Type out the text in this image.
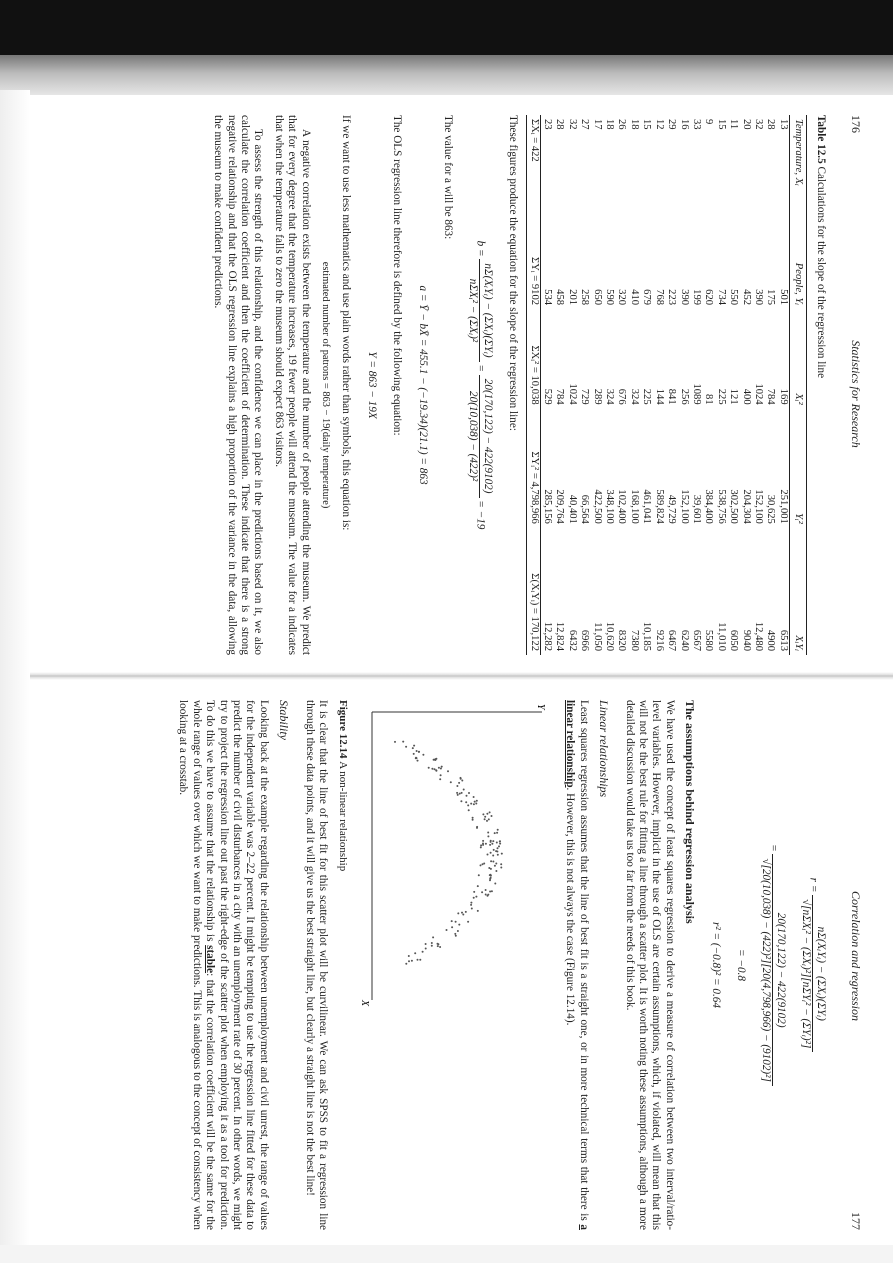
176
Statistics for Research
Table 12.5 Calculations for the slope of the regression line
Temperature, Xᵢ	People, Yᵢ	Xᵢ²	Yᵢ²	XᵢYᵢ
13	501	169	251,001	6513
28	175	784	30,625	4900
32	390	1024	152,100	12,480
20	452	400	204,304	9040
11	550	121	302,500	6050
15	734	225	538,756	11,010
9	620	81	384,400	5580
33	199	1089	39,601	6567
16	390	256	152,100	6240
29	223	841	49,729	6467
12	768	144	589,824	9216
15	679	225	461,041	10,185
18	410	324	168,100	7380
26	320	676	102,400	8320
18	590	324	348,100	10,620
17	650	289	422,500	11,050
27	258	729	66,564	6966
32	201	1024	40,401	6432
28	458	784	209,764	12,824
23	534	529	285,156	12,282
ΣXᵢ = 422	ΣYᵢ = 9102	ΣXᵢ² = 10,038	ΣYᵢ² = 4,798,966	Σ(XᵢYᵢ) = 170,122

These figures produce the equation for the slope of the regression line:

b =
nΣ(XᵢYᵢ) − (ΣXᵢ)(ΣYᵢ)
nΣXᵢ² − (ΣXᵢ)²
=
20(170,122) − 422(9102)
20(10,038) − (422)²
= −19

The value for a will be 863:

a = Ȳ − bX̄ = 455.1 − (−19.34)(21.1) = 863

The OLS regression line therefore is defined by the following equation:

Y = 863 − 19X

If we want to use less mathematics and use plain words rather than symbols, this equation is:

estimated number of patrons = 863 − 19(daily temperature)

A negative correlation exists between the temperature and the number of people attending the museum. We predict that for every degree that the temperature increases, 19 fewer people will attend the museum. The value for a indicates that when the temperature falls to zero the museum should expect 863 visitors.

To assess the strength of this relationship, and the confidence we can place in the predictions based on it, we also calculate the correlation coefficient and then the coefficient of determination. These indicate that there is a strong negative relationship and that the OLS regression line explains a high proportion of the variance in the data, allowing the museum to make confident predictions.

Correlation and regression
177
r =
nΣ(XᵢYᵢ) − (ΣXᵢ)(ΣYᵢ)
√[nΣXᵢ² − (ΣXᵢ)²][nΣYᵢ² − (ΣYᵢ)²]
=
20(170,122) − 422(9102)
√[20(10,038) − (422)²][20(4,798,966) − (9102)²]
= −0.8
r² = (−0.8)² = 0.64
The assumptions behind regression analysis

We have used the concept of least squares regression to derive a measure of correlation between two interval/ratio-level variables. However, implicit in the use of OLS are certain assumptions, which, if violated, will mean that this will not be the best rule for fitting a line through a scatter plot. It is worth noting these assumptions, although a more detailed discussion would take us too far from the needs of this book.

Linear relationships

Least squares regression assumes that the line of best fit is a straight one, or in more technical terms that there is a linear relationship. However, this is not always the case (Figure 12.14).

Y
X
Figure 12.14 A non-linear relationship

It is clear that the line of best fit for this scatter plot will be curvilinear. We can ask SPSS to fit a regression line through these data points, and it will give us the best straight line, but clearly a straight line is not the best line!

Stability

Looking back at the example regarding the relationship between unemployment and civil unrest, the range of values for the independent variable was 2–22 percent. It might be tempting to use the regression line fitted for these data to predict the number of civil disturbances in a city with an unemployment rate of 30 percent. In other words, we might try to project the regression line out past the right-edge of the scatter plot when employing it as a tool for prediction. To do this we have to assume that the relationship is stable: that the correlation coefficient will be the same for the whole range of values over which we want to make predictions. This is analogous to the concept of consistency when looking at a crosstab.
